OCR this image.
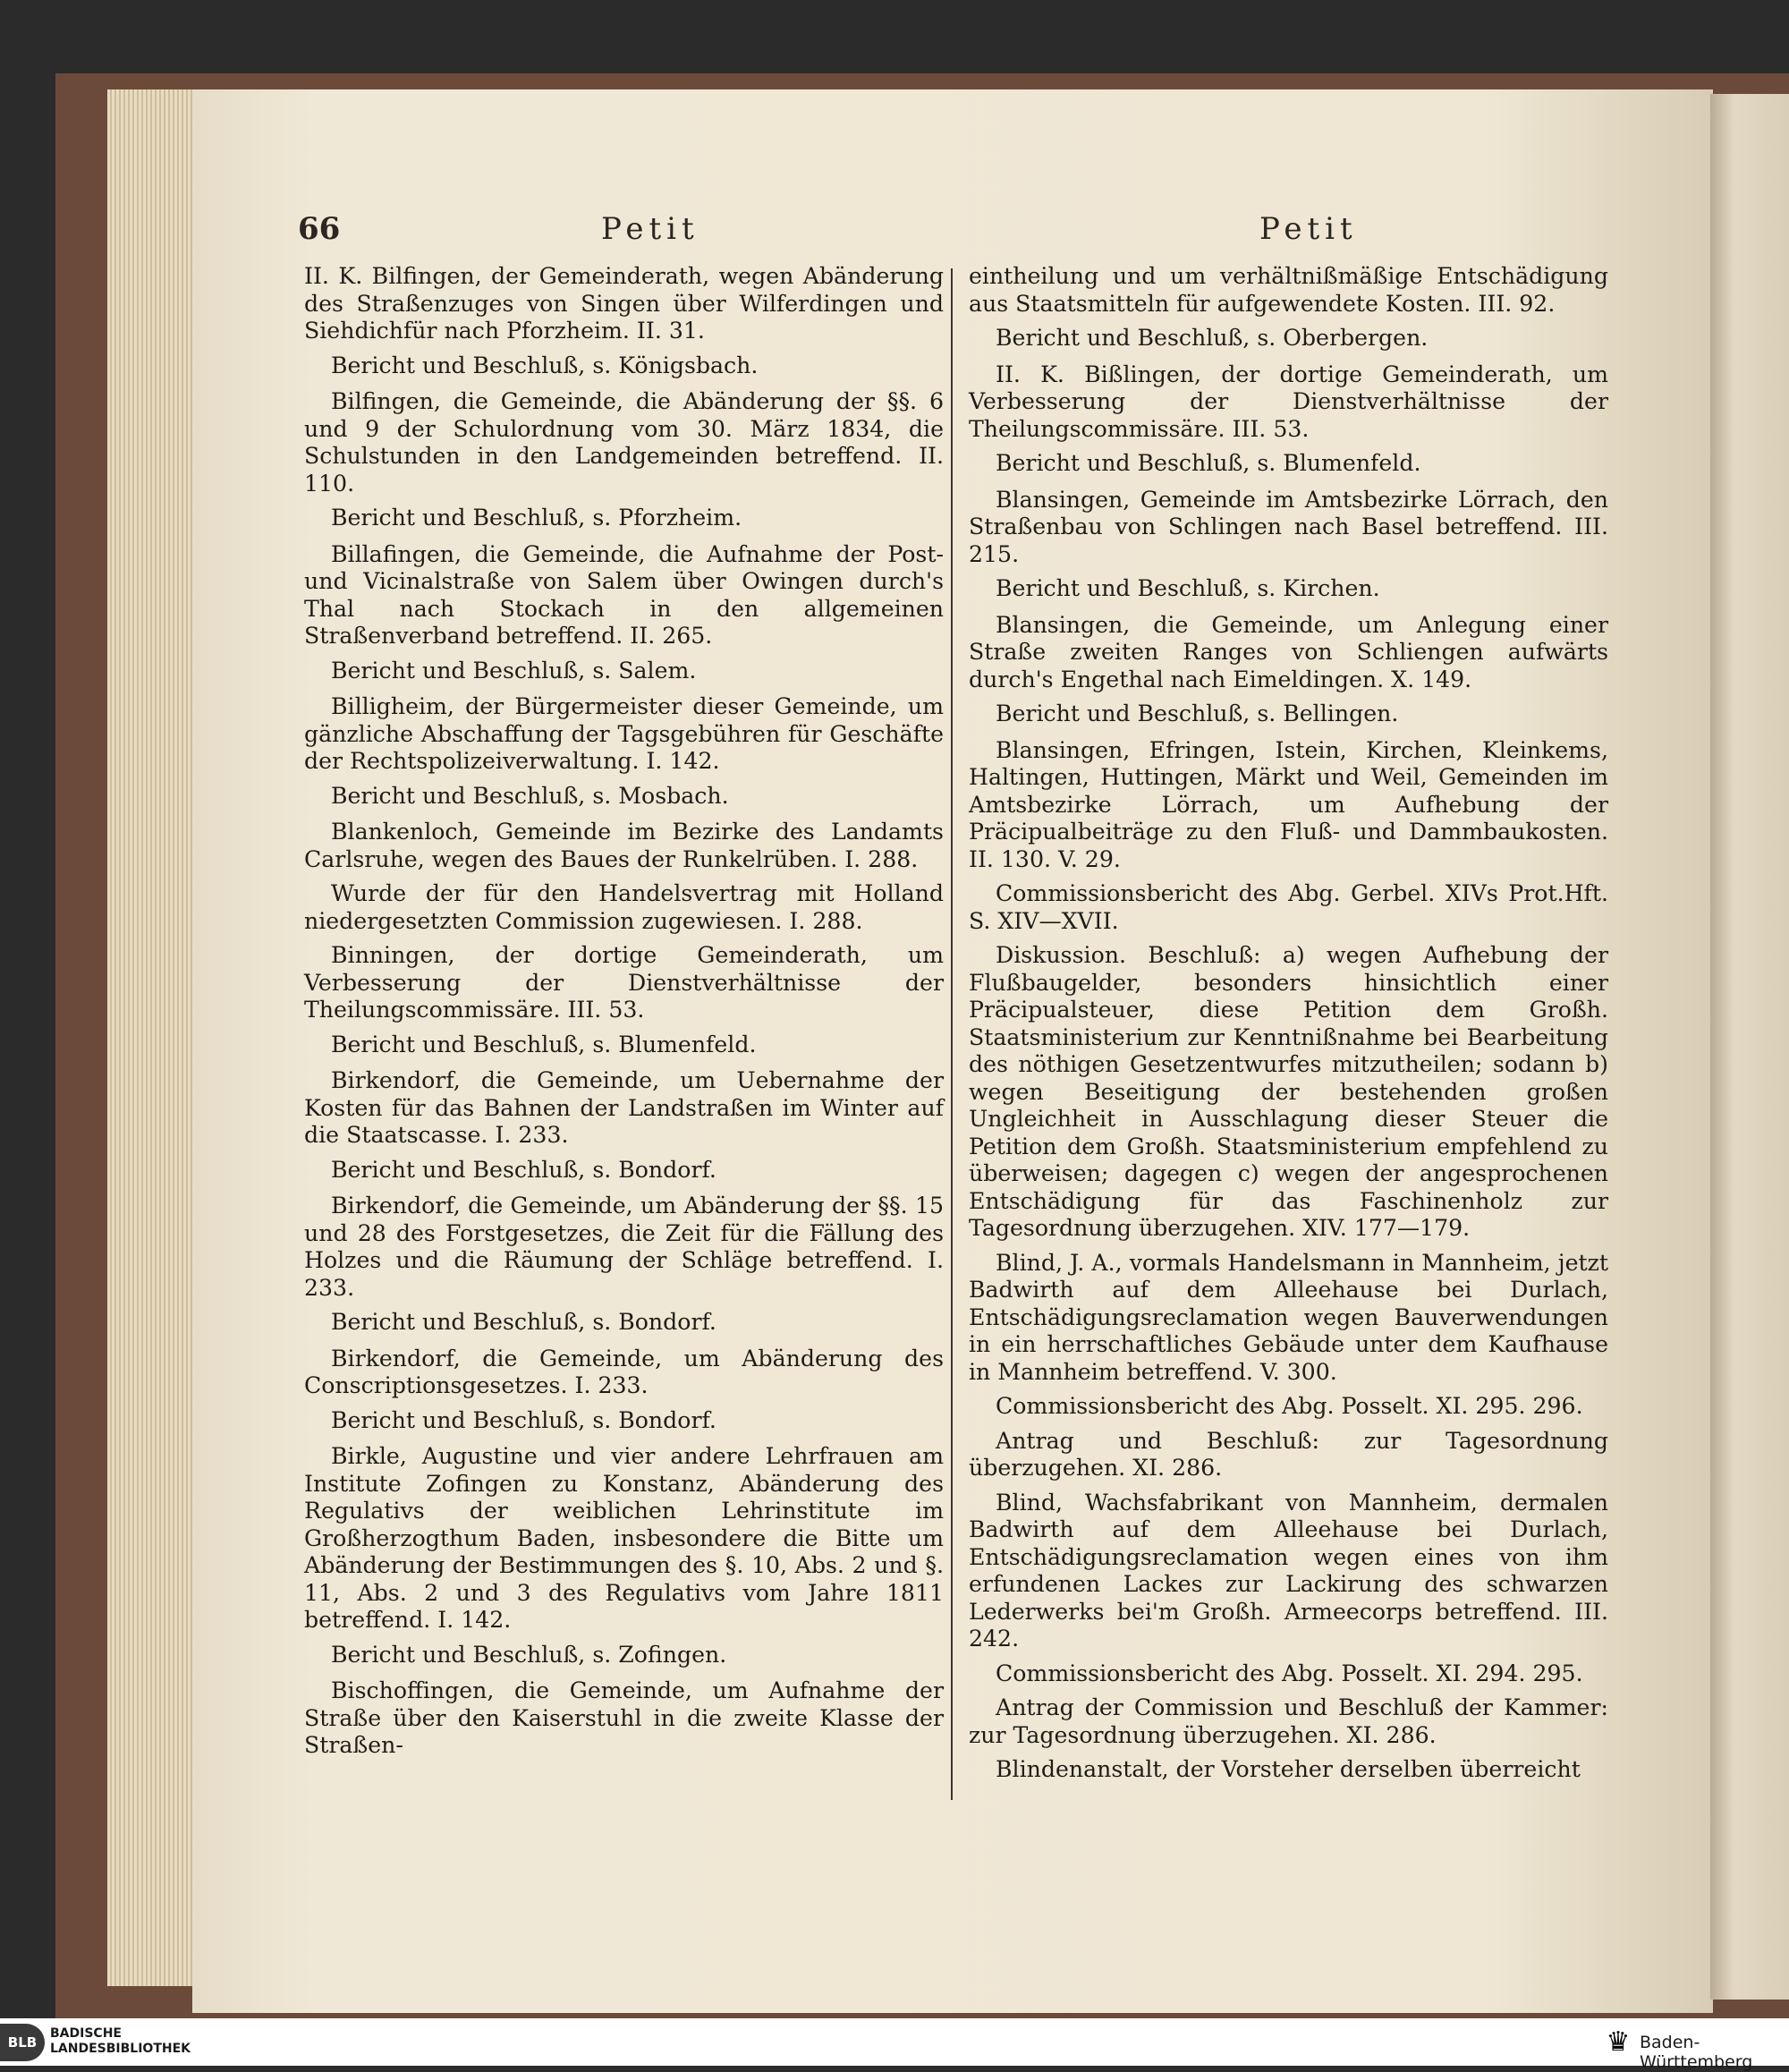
66	Petit	Petit

II. K. Bilfingen, der Gemeinderath, wegen Abänderung des Straßenzuges von Singen über Wilferdingen und Siehdichfür nach Pforzheim. II. 31.

Bericht und Beschluß, s. Königsbach.

Bilfingen, die Gemeinde, die Abänderung der §§. 6 und 9 der Schulordnung vom 30. März 1834, die Schulstunden in den Landgemeinden betreffend. II. 110.

Bericht und Beschluß, s. Pforzheim.

Billafingen, die Gemeinde, die Aufnahme der Post- und Vicinalstraße von Salem über Owingen durch's Thal nach Stockach in den allgemeinen Straßenverband betreffend. II. 265.

Bericht und Beschluß, s. Salem.

Billigheim, der Bürgermeister dieser Gemeinde, um gänzliche Abschaffung der Tagsgebühren für Geschäfte der Rechtspolizeiverwaltung. I. 142.

Bericht und Beschluß, s. Mosbach.

Blankenloch, Gemeinde im Bezirke des Landamts Carlsruhe, wegen des Baues der Runkelrüben. I. 288.

Wurde der für den Handelsvertrag mit Holland niedergesetzten Commission zugewiesen. I. 288.

Binningen, der dortige Gemeinderath, um Verbesserung der Dienstverhältnisse der Theilungscommissäre. III. 53.

Bericht und Beschluß, s. Blumenfeld.

Birkendorf, die Gemeinde, um Uebernahme der Kosten für das Bahnen der Landstraßen im Winter auf die Staatscasse. I. 233.

Bericht und Beschluß, s. Bondorf.

Birkendorf, die Gemeinde, um Abänderung der §§. 15 und 28 des Forstgesetzes, die Zeit für die Fällung des Holzes und die Räumung der Schläge betreffend. I. 233.

Bericht und Beschluß, s. Bondorf.

Birkendorf, die Gemeinde, um Abänderung des Conscriptionsgesetzes. I. 233.

Bericht und Beschluß, s. Bondorf.

Birkle, Augustine und vier andere Lehrfrauen am Institute Zofingen zu Konstanz, Abänderung des Regulativs der weiblichen Lehrinstitute im Großherzogthum Baden, insbesondere die Bitte um Abänderung der Bestimmungen des §. 10, Abs. 2 und §. 11, Abs. 2 und 3 des Regulativs vom Jahre 1811 betreffend. I. 142.

Bericht und Beschluß, s. Zofingen.

Bischoffingen, die Gemeinde, um Aufnahme der Straße über den Kaiserstuhl in die zweite Klasse der Straßen-

eintheilung und um verhältnißmäßige Entschädigung aus Staatsmitteln für aufgewendete Kosten. III. 92.

Bericht und Beschluß, s. Oberbergen.

II. K. Bißlingen, der dortige Gemeinderath, um Verbesserung der Dienstverhältnisse der Theilungscommissäre. III. 53.

Bericht und Beschluß, s. Blumenfeld.

Blansingen, Gemeinde im Amtsbezirke Lörrach, den Straßenbau von Schlingen nach Basel betreffend. III. 215.

Bericht und Beschluß, s. Kirchen.

Blansingen, die Gemeinde, um Anlegung einer Straße zweiten Ranges von Schliengen aufwärts durch's Engethal nach Eimeldingen. X. 149.

Bericht und Beschluß, s. Bellingen.

Blansingen, Efringen, Istein, Kirchen, Kleinkems, Haltingen, Huttingen, Märkt und Weil, Gemeinden im Amtsbezirke Lörrach, um Aufhebung der Präcipualbeiträge zu den Fluß- und Dammbaukosten. II. 130. V. 29.

Commissionsbericht des Abg. Gerbel. XIVs Prot.Hft. S. XIV—XVII.

Diskussion. Beschluß: a) wegen Aufhebung der Flußbaugelder, besonders hinsichtlich einer Präcipualsteuer, diese Petition dem Großh. Staatsministerium zur Kenntnißnahme bei Bearbeitung des nöthigen Gesetzentwurfes mitzutheilen; sodann b) wegen Beseitigung der bestehenden großen Ungleichheit in Ausschlagung dieser Steuer die Petition dem Großh. Staatsministerium empfehlend zu überweisen; dagegen c) wegen der angesprochenen Entschädigung für das Faschinenholz zur Tagesordnung überzugehen. XIV. 177—179.

Blind, J. A., vormals Handelsmann in Mannheim, jetzt Badwirth auf dem Alleehause bei Durlach, Entschädigungsreclamation wegen Bauverwendungen in ein herrschaftliches Gebäude unter dem Kaufhause in Mannheim betreffend. V. 300.

Commissionsbericht des Abg. Posselt. XI. 295. 296.

Antrag und Beschluß: zur Tagesordnung überzugehen. XI. 286.

Blind, Wachsfabrikant von Mannheim, dermalen Badwirth auf dem Alleehause bei Durlach, Entschädigungsreclamation wegen eines von ihm erfundenen Lackes zur Lackirung des schwarzen Lederwerks bei'm Großh. Armeecorps betreffend. III. 242.

Commissionsbericht des Abg. Posselt. XI. 294. 295.

Antrag der Commission und Beschluß der Kammer: zur Tagesordnung überzugehen. XI. 286.

Blindenanstalt, der Vorsteher derselben überreicht

BLB
BADISCHE
LANDESBIBLIOTHEK	♛ Baden-Württemberg
